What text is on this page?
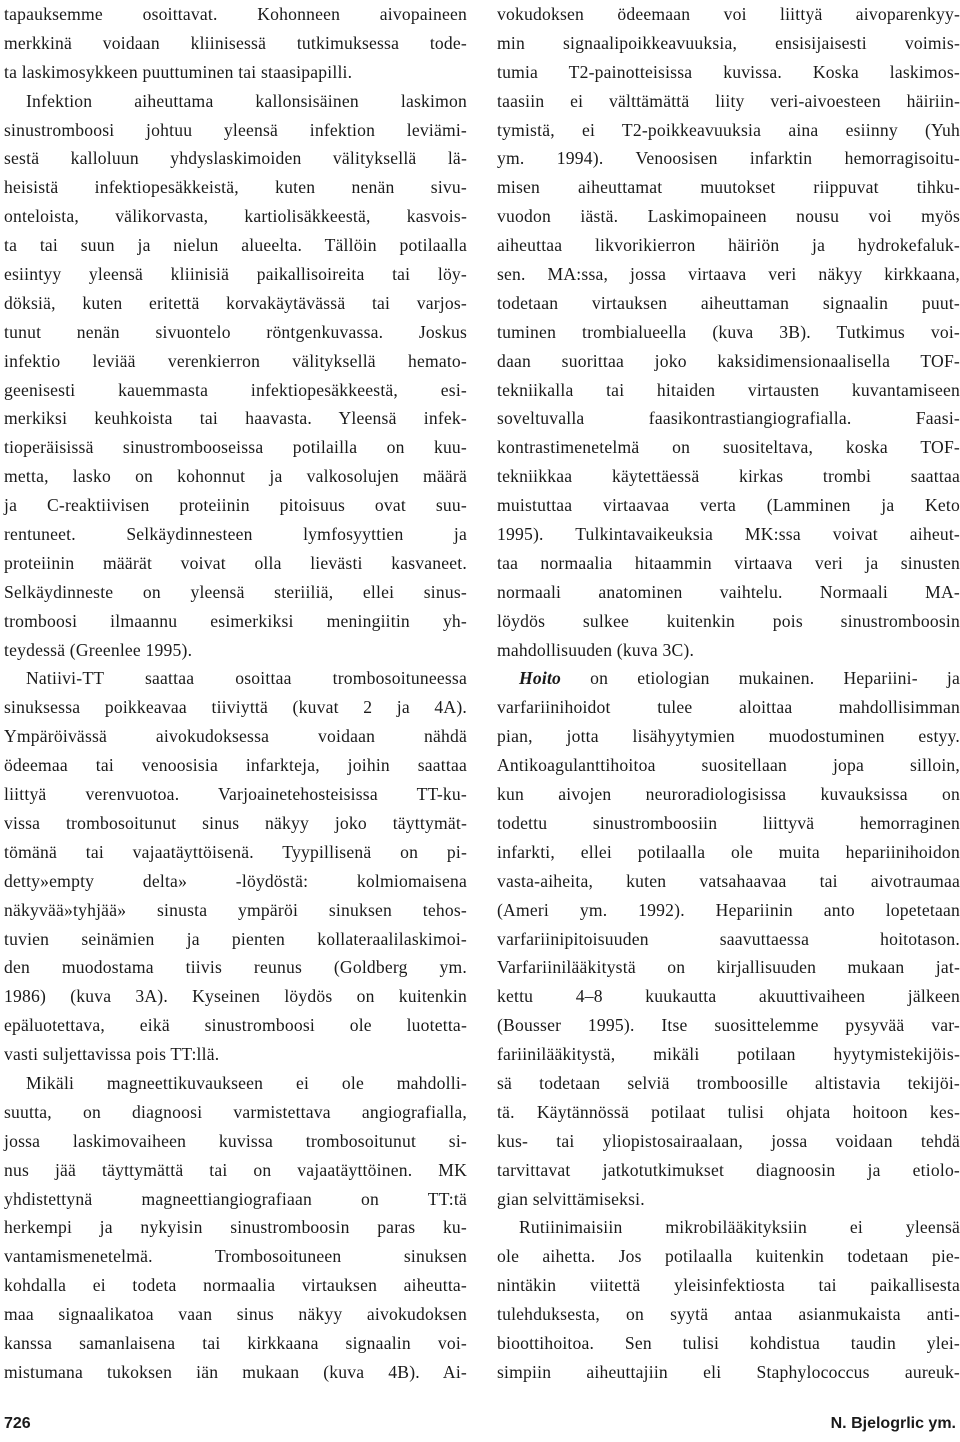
tapauksemme osoittavat. Kohonneen aivopaineen
merkkinä voidaan kliinisessä tutkimuksessa tode-
ta laskimosykkeen puuttuminen tai staasipapilli.
Infektion aiheuttama kallonsisäinen laskimon
sinustromboosi johtuu yleensä infektion leviämi-
sestä kalloluun yhdyslaskimoiden välityksellä lä-
heisistä infektiopesäkkeistä, kuten nenän sivu-
onteloista, välikorvasta, kartiolisäkkeestä, kasvois-
ta tai suun ja nielun alueelta. Tällöin potilaalla
esiintyy yleensä kliinisiä paikallisoireita tai löy-
döksiä, kuten eritettä korvakäytävässä tai varjos-
tunut nenän sivuontelo röntgenkuvassa. Joskus
infektio leviää verenkierron välityksellä hemato-
geenisesti kauemmasta infektiopesäkkeestä, esi-
merkiksi keuhkoista tai haavasta. Yleensä infek-
tioperäisissä sinustrombooseissa potilailla on kuu-
metta, lasko on kohonnut ja valkosolujen määrä
ja C-reaktiivisen proteiinin pitoisuus ovat suu-
rentuneet. Selkäydinnesteen lymfosyyttien ja
proteiinin määrät voivat olla lievästi kasvaneet.
Selkäydinneste on yleensä steriiliä, ellei sinus-
tromboosi ilmaannu esimerkiksi meningiitin yh-
teydessä (Greenlee 1995).
Natiivi-TT saattaa osoittaa trombosoituneessa
sinuksessa poikkeavaa tiiviyttä (kuvat 2 ja 4A).
Ympäröivässä aivokudoksessa voidaan nähdä
ödeemaa tai venoosisia infarkteja, joihin saattaa
liittyä verenvuotoa. Varjoainetehosteisissa TT-ku-
vissa trombosoitunut sinus näkyy joko täyttymät-
tömänä tai vajaatäyttöisenä. Tyypillisenä on pi-
detty»empty delta» -löydöstä: kolmiomaisena
näkyvää»tyhjää» sinusta ympäröi sinuksen tehos-
tuvien seinämien ja pienten kollateraalilaskimoi-
den muodostama tiivis reunus (Goldberg ym.
1986) (kuva 3A). Kyseinen löydös on kuitenkin
epäluotettava, eikä sinustromboosi ole luotetta-
vasti suljettavissa pois TT:llä.
Mikäli magneettikuvaukseen ei ole mahdolli-
suutta, on diagnoosi varmistettava angiografialla,
jossa laskimovaiheen kuvissa trombosoitunut si-
nus jää täyttymättä tai on vajaatäyttöinen. MK
yhdistettynä magneettiangiografiaan on TT:tä
herkempi ja nykyisin sinustromboosin paras ku-
vantamismenetelmä. Trombosoituneen sinuksen
kohdalla ei todeta normaalia virtauksen aiheutta-
maa signaalikatoa vaan sinus näkyy aivokudoksen
kanssa samanlaisena tai kirkkaana signaalin voi-
mistumana tukoksen iän mukaan (kuva 4B). Ai-
vokudoksen ödeemaan voi liittyä aivoparenkyy-
min signaalipoikkeavuuksia, ensisijaisesti voimis-
tumia T2-painotteisissa kuvissa. Koska laskimos-
taasiin ei välttämättä liity veri-aivoesteen häiriin-
tymistä, ei T2-poikkeavuuksia aina esiinny (Yuh
ym. 1994). Venoosisen infarktin hemorragisoitu-
misen aiheuttamat muutokset riippuvat tihku-
vuodon iästä. Laskimopaineen nousu voi myös
aiheuttaa likvorikierron häiriön ja hydrokefaluk-
sen. MA:ssa, jossa virtaava veri näkyy kirkkaana,
todetaan virtauksen aiheuttaman signaalin puut-
tuminen trombialueella (kuva 3B). Tutkimus voi-
daan suorittaa joko kaksidimensionaalisella TOF-
tekniikalla tai hitaiden virtausten kuvantamiseen
soveltuvalla faasikontrastiangiografialla. Faasi-
kontrastimenetelmä on suositeltava, koska TOF-
tekniikkaa käytettäessä kirkas trombi saattaa
muistuttaa virtaavaa verta (Lamminen ja Keto
1995). Tulkintavaikeuksia MK:ssa voivat aiheut-
taa normaalia hitaammin virtaava veri ja sinusten
normaali anatominen vaihtelu. Normaali MA-
löydös sulkee kuitenkin pois sinustromboosin
mahdollisuuden (kuva 3C).
Hoito on etiologian mukainen. Hepariini- ja
varfariinihoidot tulee aloittaa mahdollisimman
pian, jotta lisähyytymien muodostuminen estyy.
Antikoagulanttihoitoa suositellaan jopa silloin,
kun aivojen neuroradiologisissa kuvauksissa on
todettu sinustromboosiin liittyvä hemorraginen
infarkti, ellei potilaalla ole muita hepariinihoidon
vasta-aiheita, kuten vatsahaavaa tai aivotraumaa
(Ameri ym. 1992). Hepariinin anto lopetetaan
varfariinipitoisuuden saavuttaessa hoitotason.
Varfariinilääkitystä on kirjallisuuden mukaan jat-
kettu 4–8 kuukautta akuuttivaiheen jälkeen
(Bousser 1995). Itse suosittelemme pysyvää var-
fariinilääkitystä, mikäli potilaan hyytymistekijöis-
sä todetaan selviä tromboosille altistavia tekijöi-
tä. Käytännössä potilaat tulisi ohjata hoitoon kes-
kus- tai yliopistosairaalaan, jossa voidaan tehdä
tarvittavat jatkotutkimukset diagnoosin ja etiolo-
gian selvittämiseksi.
Rutiinimaisiin mikrobilääkityksiin ei yleensä
ole aihetta. Jos potilaalla kuitenkin todetaan pie-
nintäkin viitettä yleisinfektiosta tai paikallisesta
tulehduksesta, on syytä antaa asianmukaista anti-
bioottihoitoa. Sen tulisi kohdistua taudin ylei-
simpiin aiheuttajiin eli Staphylococcus aureuk-
726	N. Bjelogrlic ym.
